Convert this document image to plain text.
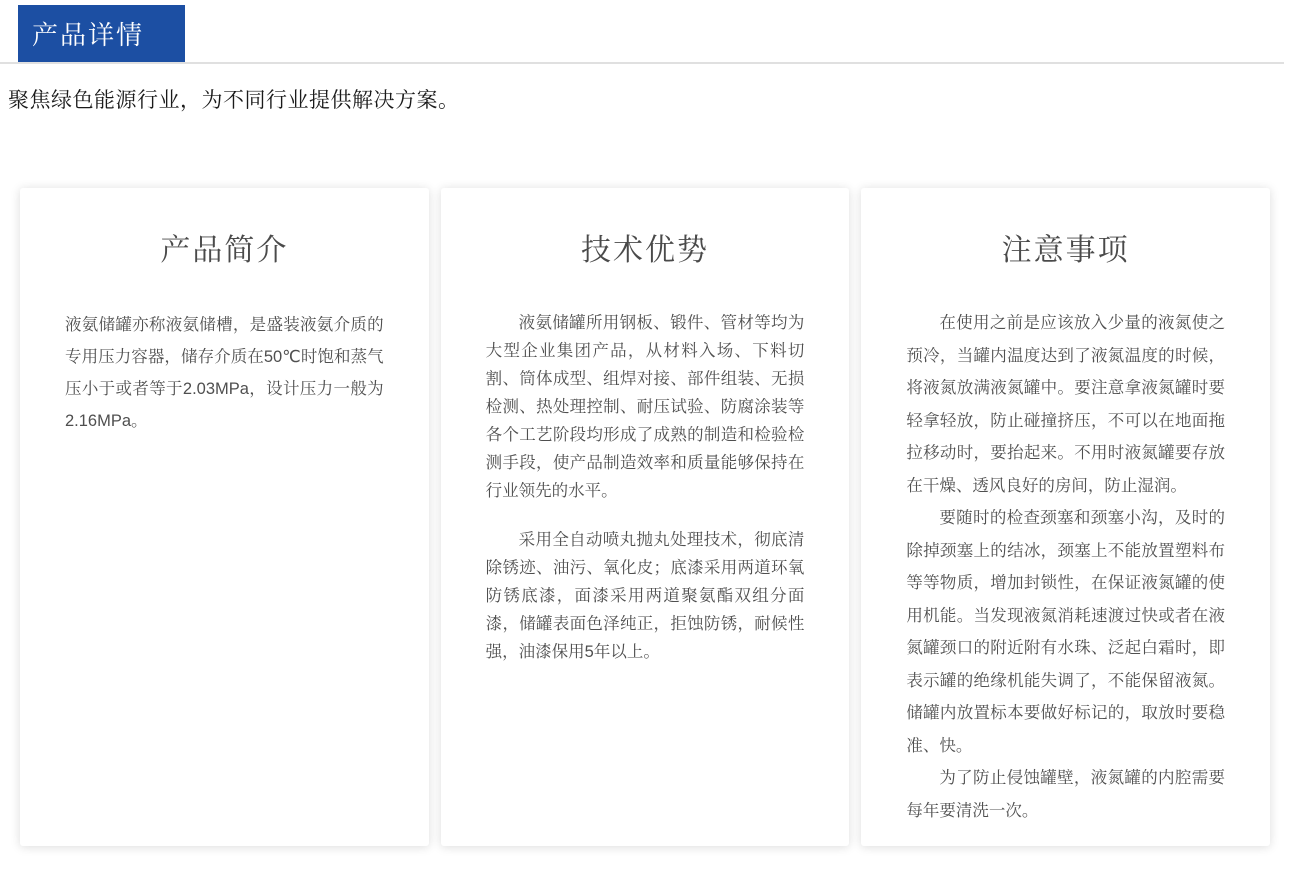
产品详情

聚焦绿色能源行业，为不同行业提供解决方案。

产品简介

液氨储罐亦称液氨储槽，是盛装液氨介质的专用压力容器，储存介质在50℃时饱和蒸气压小于或者等于2.03MPa，设计压力一般为2.16MPa。

技术优势

液氨储罐所用钢板、锻件、管材等均为大型企业集团产品，从材料入场、下料切割、筒体成型、组焊对接、部件组装、无损检测、热处理控制、耐压试验、防腐涂装等各个工艺阶段均形成了成熟的制造和检验检测手段，使产品制造效率和质量能够保持在行业领先的水平。

采用全自动喷丸抛丸处理技术，彻底清除锈迹、油污、氧化皮；底漆采用两道环氧防锈底漆，面漆采用两道聚氨酯双组分面漆，储罐表面色泽纯正，拒蚀防锈，耐候性强，油漆保用5年以上。

注意事项

在使用之前是应该放入少量的液氮使之预冷，当罐内温度达到了液氮温度的时候，将液氮放满液氮罐中。要注意拿液氮罐时要轻拿轻放，防止碰撞挤压，不可以在地面拖拉移动时，要抬起来。不用时液氮罐要存放在干燥、透风良好的房间，防止湿润。

要随时的检查颈塞和颈塞小沟，及时的除掉颈塞上的结冰，颈塞上不能放置塑料布等等物质，增加封锁性，在保证液氮罐的使用机能。当发现液氮消耗速渡过快或者在液氮罐颈口的附近附有水珠、泛起白霜时，即表示罐的绝缘机能失调了，不能保留液氮。储罐内放置标本要做好标记的，取放时要稳准、快。

为了防止侵蚀罐壁，液氮罐的内腔需要每年要清洗一次。
